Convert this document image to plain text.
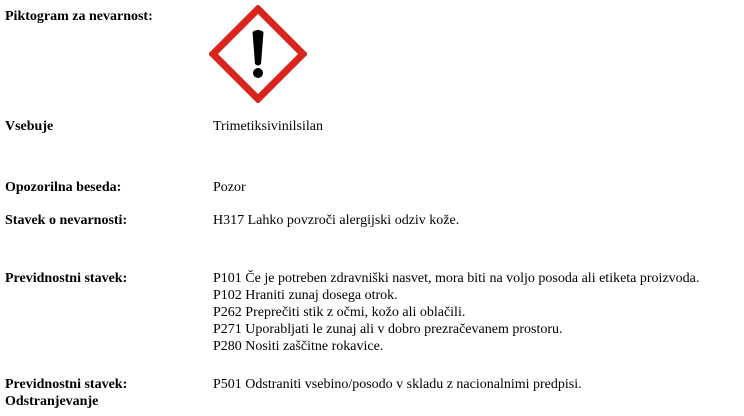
Piktogram za nevarnost:
Vsebuje	Trimetiksivinilsilan
Opozorilna beseda:	Pozor
Stavek o nevarnosti:	H317 Lahko povzroči alergijski odziv kože.
Previdnostni stavek:	P101 Če je potreben zdravniški nasvet, mora biti na voljo posoda ali etiketa proizvoda.
P102 Hraniti zunaj dosega otrok.
P262 Preprečiti stik z očmi, kožo ali oblačili.
P271 Uporabljati le zunaj ali v dobro prezračevanem prostoru.
P280 Nositi zaščitne rokavice.
Previdnostni stavek:
Odstranjevanje
P501 Odstraniti vsebino/posodo v skladu z nacionalnimi predpisi.
